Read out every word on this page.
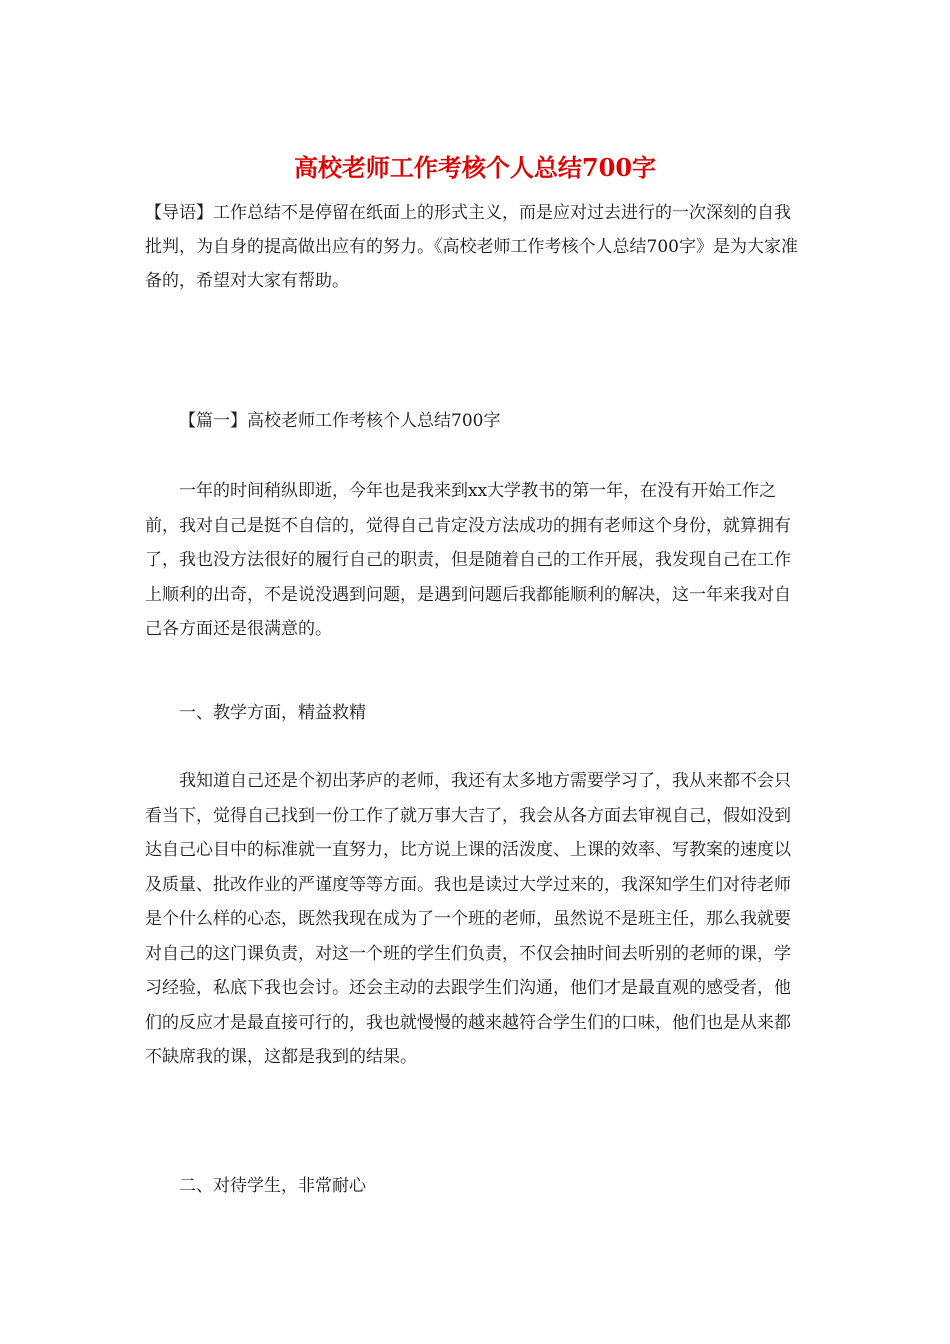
高校老师工作考核个人总结700字

【导语】工作总结不是停留在纸面上的形式主义，而是应对过去进行的一次深刻的自我批判，为自身的提高做出应有的努力。《高校老师工作考核个人总结700字》是为大家准备的，希望对大家有帮助。

【篇一】高校老师工作考核个人总结700字

一年的时间稍纵即逝，今年也是我来到xx大学教书的第一年，在没有开始工作之前，我对自己是挺不自信的，觉得自己肯定没方法成功的拥有老师这个身份，就算拥有了，我也没方法很好的履行自己的职责，但是随着自己的工作开展，我发现自己在工作上顺利的出奇，不是说没遇到问题，是遇到问题后我都能顺利的解决，这一年来我对自己各方面还是很满意的。

一、教学方面，精益救精

我知道自己还是个初出茅庐的老师，我还有太多地方需要学习了，我从来都不会只看当下，觉得自己找到一份工作了就万事大吉了，我会从各方面去审视自己，假如没到达自己心目中的标准就一直努力，比方说上课的活泼度、上课的效率、写教案的速度以及质量、批改作业的严谨度等等方面。我也是读过大学过来的，我深知学生们对待老师是个什么样的心态，既然我现在成为了一个班的老师，虽然说不是班主任，那么我就要对自己的这门课负责，对这一个班的学生们负责，不仅会抽时间去听别的老师的课，学习经验，私底下我也会讨。还会主动的去跟学生们沟通，他们才是最直观的感受者，他们的反应才是最直接可行的，我也就慢慢的越来越符合学生们的口味，他们也是从来都不缺席我的课，这都是我到的结果。

二、对待学生，非常耐心
